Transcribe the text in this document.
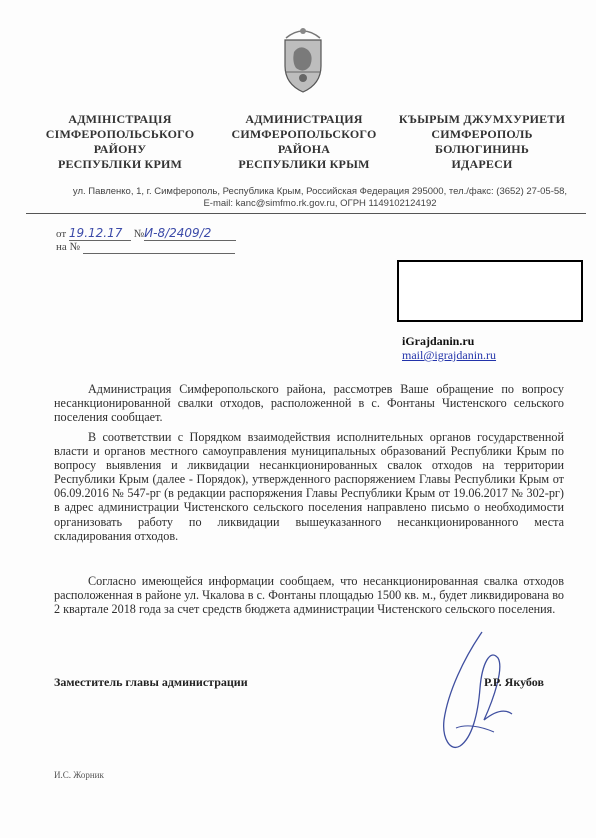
АДМІНІСТРАЦІЯ
СІМФЕРОПОЛЬСЬКОГО
РАЙОНУ
РЕСПУБЛІКИ КРИМ
АДМИНИСТРАЦИЯ
СИМФЕРОПОЛЬСКОГО
РАЙОНА
РЕСПУБЛИКИ КРЫМ
КЪЫРЫМ ДЖУМХУРИЕТИ
СИМФЕРОПОЛЬ
БОЛЮГИНИНЬ
ИДАРЕСИ
ул. Павленко, 1, г. Симферополь, Республика Крым, Российская Федерация 295000, тел./факс: (3652) 27-05-58,
E-mail: kanc@simfmo.rk.gov.ru, ОГРН 1149102124192
от 19.12.17 №И-8/2409/2
на №
iGrajdanin.ru
mail@igrajdanin.ru

Администрация Симферопольского района, рассмотрев Ваше обращение по вопросу несанкционированной свалки отходов, расположенной в с. Фонтаны Чистенского сельского поселения сообщает.

В соответствии с Порядком взаимодействия исполнительных органов государственной власти и органов местного самоуправления муниципальных образований Республики Крым по вопросу выявления и ликвидации несанкционированных свалок отходов на территории Республики Крым (далее - Порядок), утвержденного распоряжением Главы Республики Крым от 06.09.2016 № 547-рг (в редакции распоряжения Главы Республики Крым от 19.06.2017 № 302-рг) в адрес администрации Чистенского сельского поселения направлено письмо о необходимости организовать работу по ликвидации вышеуказанного несанкционированного места складирования отходов.

Согласно имеющейся информации сообщаем, что несанкционированная свалка отходов расположенная в районе ул. Чкалова в с. Фонтаны площадью 1500 кв. м., будет ликвидирована во 2 квартале 2018 года за счет средств бюджета администрации Чистенского сельского поселения.

Заместитель главы администрации	Р.Р. Якубов
И.С. Жорник
